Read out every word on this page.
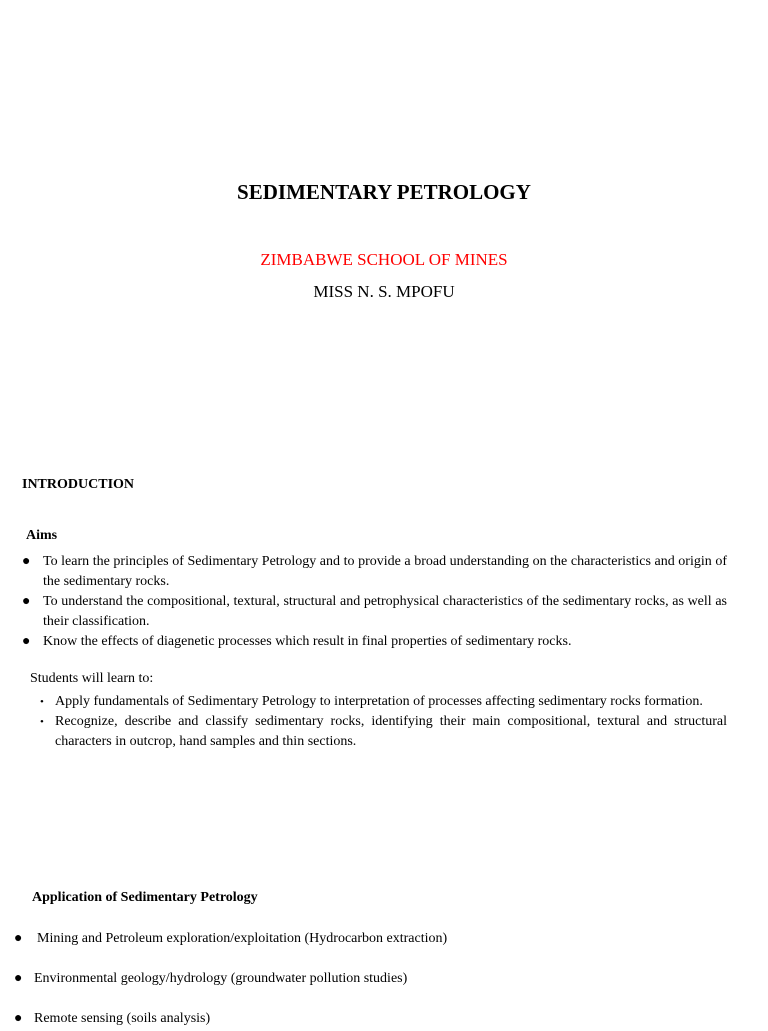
SEDIMENTARY PETROLOGY
ZIMBABWE SCHOOL OF MINES
MISS N. S. MPOFU
INTRODUCTION
Aims
● To learn the principles of Sedimentary Petrology and to provide a broad understanding on the characteristics and origin of the sedimentary rocks.
● To understand the compositional, textural, structural and petrophysical characteristics of the sedimentary rocks, as well as their classification.
● Know the effects of diagenetic processes which result in final properties of sedimentary rocks.
Students will learn to:
• Apply fundamentals of Sedimentary Petrology to interpretation of processes affecting sedimentary rocks formation.
• Recognize, describe and classify sedimentary rocks, identifying their main compositional, textural and structural characters in outcrop, hand samples and thin sections.
Application of Sedimentary Petrology
● Mining and Petroleum exploration/exploitation (Hydrocarbon extraction)
● Environmental geology/hydrology (groundwater pollution studies)
● Remote sensing (soils analysis)
